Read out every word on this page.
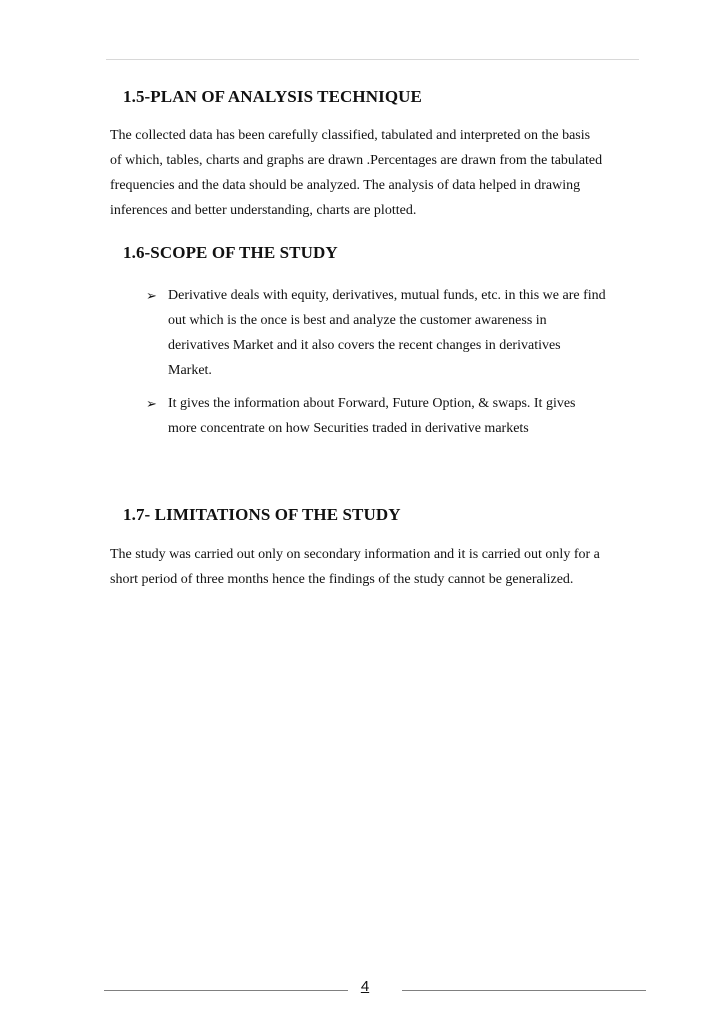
1.5-PLAN OF ANALYSIS TECHNIQUE
The collected data has been carefully classified, tabulated and interpreted on the basis
of which, tables, charts and graphs are drawn .Percentages are drawn from the tabulated
frequencies and the data should be analyzed. The analysis of data helped in drawing
inferences and better understanding, charts are plotted.
1.6-SCOPE OF THE STUDY
➢ Derivative deals with equity, derivatives, mutual funds, etc. in this we are find
out which is the once is best and analyze the customer awareness in
derivatives Market and it also covers the recent changes in derivatives
Market.
➢ It gives the information about Forward, Future Option, & swaps. It gives
more concentrate on how Securities traded in derivative markets
1.7- LIMITATIONS OF THE STUDY
The study was carried out only on secondary information and it is carried out only for a
short period of three months hence the findings of the study cannot be generalized.
4
